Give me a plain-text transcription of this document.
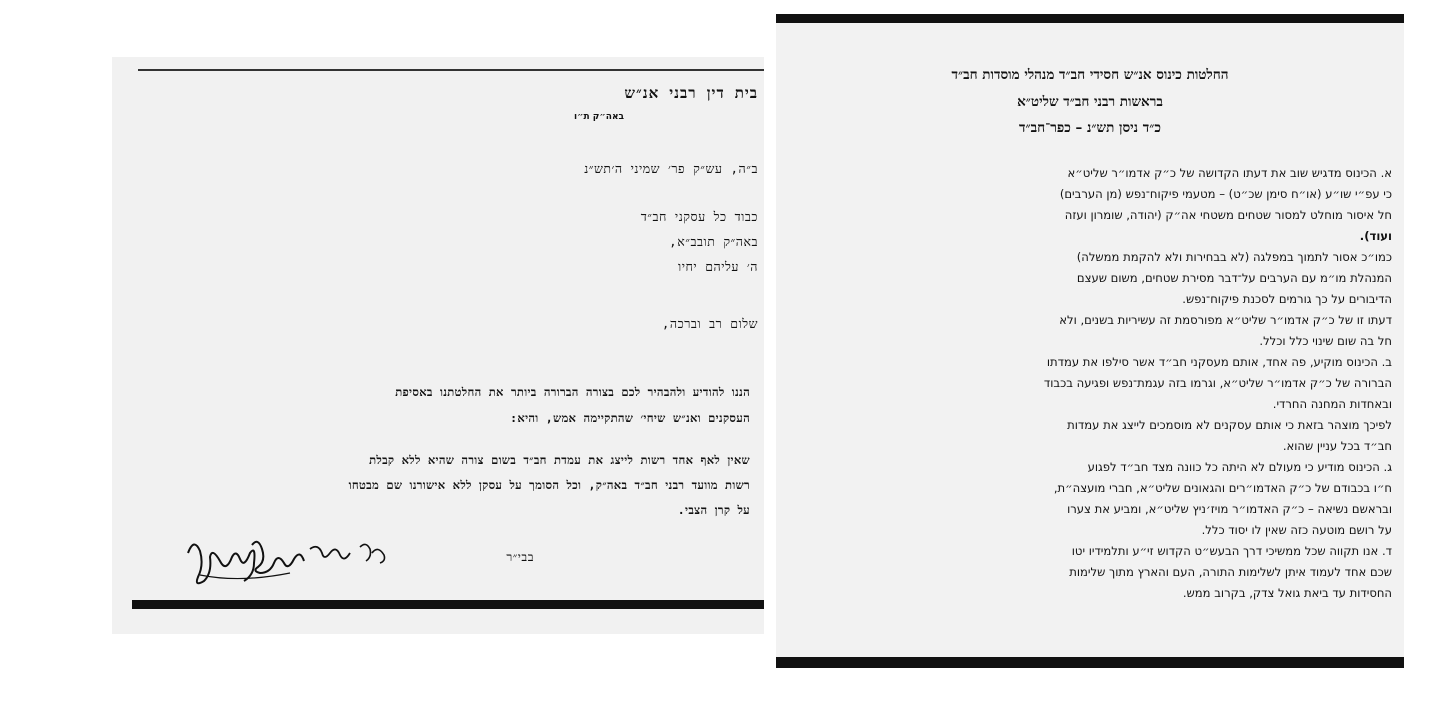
בית דין רבני אנ״ש
באה״ק ת״ו
ב״ה, עש״ק פר׳ שמיני ה׳תש״נ
כבוד כל עסקני חב״ד
באה״ק תובב״א,
ה׳ עליהם יחיו
שלום רב וברכה,
הננו להודיע ולהבהיר לכם בצורה הברורה ביותר את החלטתנו באסיפת
העסקנים ואנ״ש שיחי׳ שהתקיימה אמש, והיא:
שאין לאף אחד רשות לייצג את עמדת חב״ד בשום צורה שהיא ללא קבלת
רשות מוועד רבני חב״ד באה״ק, וכל הסומך על עסקן ללא אישורנו שם מבטחו
על קרן הצבי.
בבי״ר
החלטות כינוס אנ״ש חסידי חב״ד מנהלי מוסדות חב״ד
בראשות רבני חב״ד שליט״א
כ״ד ניסן תש״נ – כפר־חב״ד
א. הכינוס מדגיש שוב את דעתו הקדושה של כ״ק אדמו״ר שליט״א
כי עפ״י שו״ע (או״ח סימן שכ״ט) – מטעמי פיקוח־נפש (מן הערבים)
חל איסור מוחלט למסור שטחים משטחי אה״ק (יהודה, שומרון ועזה
ועוד).
כמו״כ אסור לתמוך במפלגה (לא בבחירות ולא להקמת ממשלה)
המנהלת מו״מ עם הערבים על־דבר מסירת שטחים, משום שעצם
הדיבורים על כך גורמים לסכנת פיקוח־נפש.
דעתו זו של כ״ק אדמו״ר שליט״א מפורסמת זה עשיריות בשנים, ולא
חל בה שום שינוי כלל וכלל.
ב. הכינוס מוקיע, פה אחד, אותם מעסקני חב״ד אשר סילפו את עמדתו
הברורה של כ״ק אדמו״ר שליט״א, וגרמו בזה עגמת־נפש ופגיעה בכבוד
ובאחדות המחנה החרדי.
לפיכך מוצהר בזאת כי אותם עסקנים לא מוסמכים לייצג את עמדות
חב״ד בכל עניין שהוא.
ג. הכינוס מודיע כי מעולם לא היתה כל כוונה מצד חב״ד לפגוע
ח״ו בכבודם של כ״ק האדמו״רים והגאונים שליט״א, חברי מועצה״ת,
ובראשם נשיאה – כ״ק האדמו״ר מויז׳ניץ שליט״א, ומביע את צערו
על רושם מוטעה כזה שאין לו יסוד כלל.
ד. אנו תקווה שכל ממשיכי דרך הבעש״ט הקדוש זי״ע ותלמידיו יטו
שכם אחד לעמוד איתן לשלימות התורה, העם והארץ מתוך שלימות
החסידות עד ביאת גואל צדק, בקרוב ממש.
